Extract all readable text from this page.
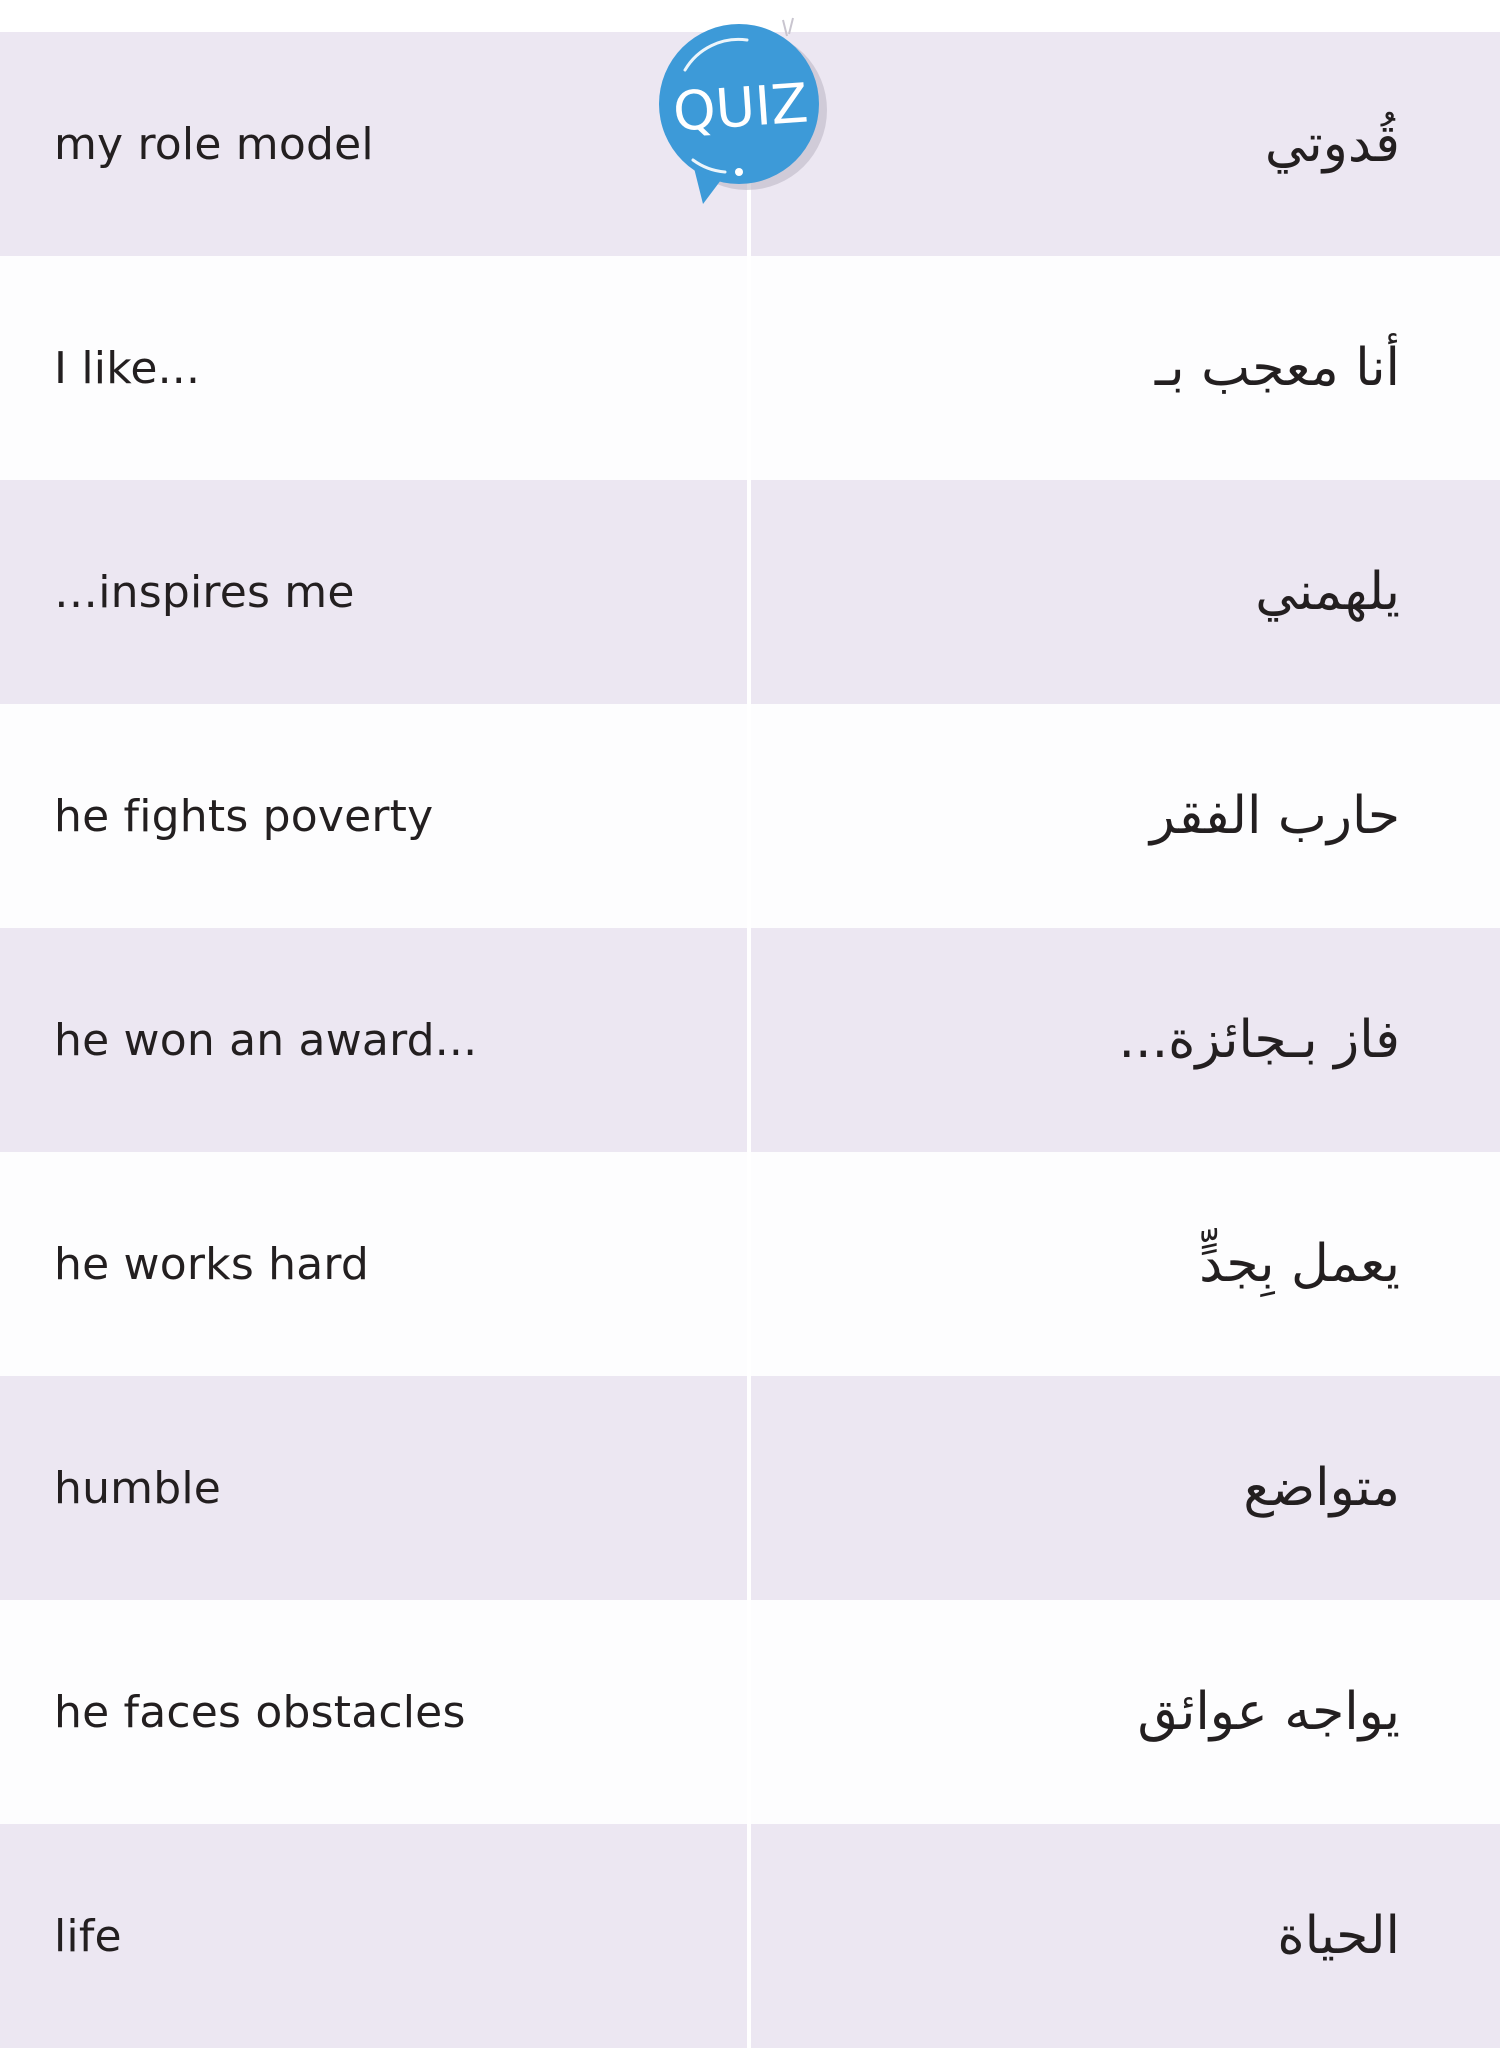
my role model	قُدوتي
I like...	أنا معجب بـ
…inspires me	يلهمني
he fights poverty	حارب الفقر
he won an award...	فاز بـجائزة...
he works hard	يعمل بِجدٍّ
humble	متواضع
he faces obstacles	يواجه عوائق
life	الحياة
QUIZ
